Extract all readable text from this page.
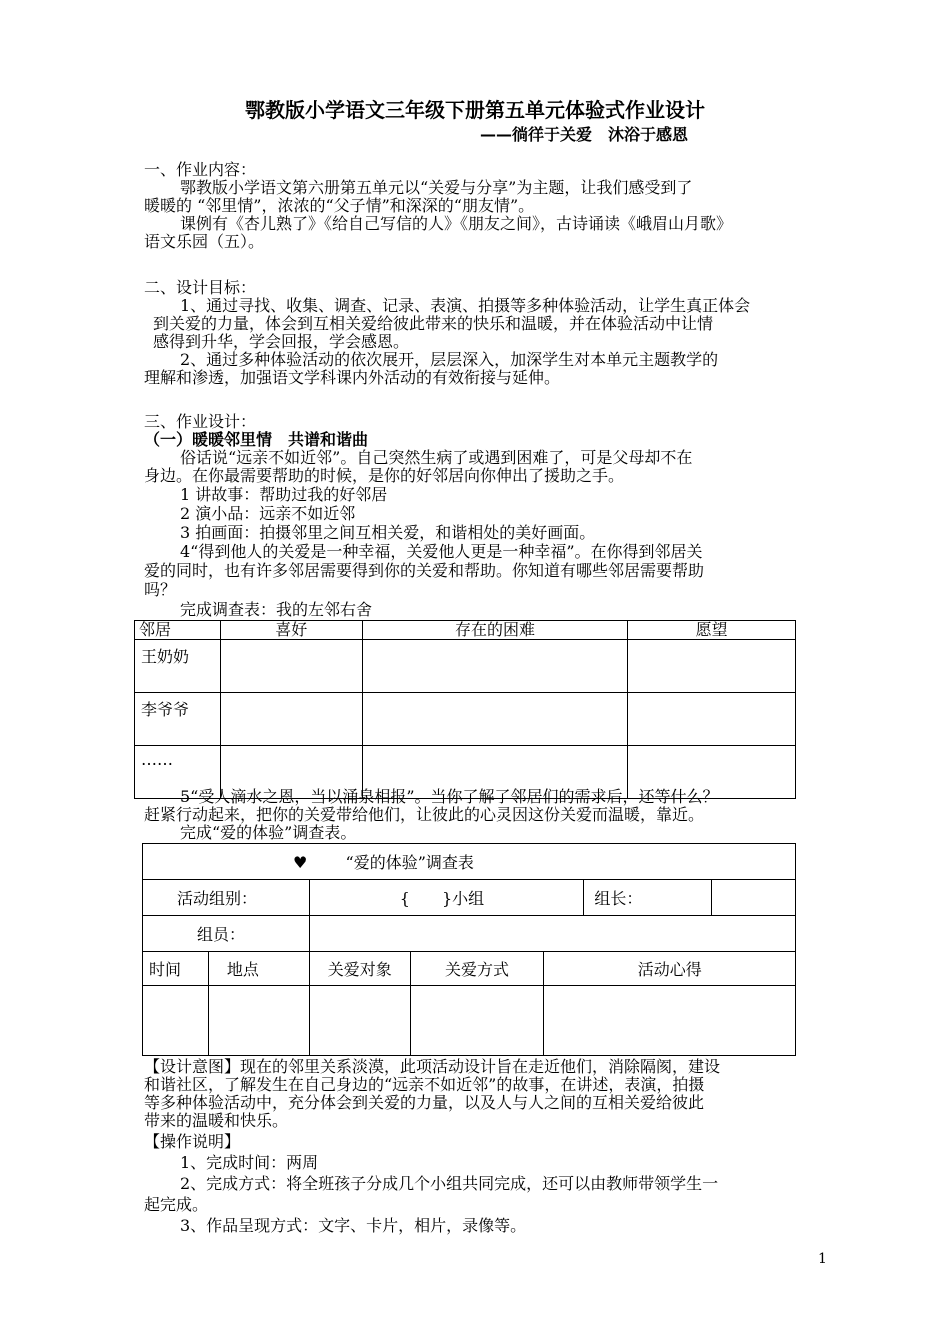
鄂教版小学语文三年级下册第五单元体验式作业设计
——徜徉于关爱　沐浴于感恩
一、作业内容：
鄂教版小学语文第六册第五单元以“关爱与分享”为主题，让我们感受到了
暖暖的 “邻里情”，浓浓的“父子情”和深深的“朋友情”。
课例有《杏儿熟了》《给自己写信的人》《朋友之间》，古诗诵读《峨眉山月歌》
语文乐园（五）。
二、设计目标：
1、通过寻找、收集、调查、记录、表演、拍摄等多种体验活动，让学生真正体会
到关爱的力量，体会到互相关爱给彼此带来的快乐和温暖，并在体验活动中让情
感得到升华，学会回报，学会感恩。
2、通过多种体验活动的依次展开，层层深入，加深学生对本单元主题教学的
理解和渗透，加强语文学科课内外活动的有效衔接与延伸。
三、作业设计：
（一）暖暖邻里情　共谱和谐曲
俗话说“远亲不如近邻”。自己突然生病了或遇到困难了，可是父母却不在
身边。在你最需要帮助的时候，是你的好邻居向你伸出了援助之手。
1 讲故事：帮助过我的好邻居
2 演小品：远亲不如近邻
3 拍画面：拍摄邻里之间互相关爱，和谐相处的美好画面。
4“得到他人的关爱是一种幸福，关爱他人更是一种幸福”。在你得到邻居关
爱的同时，也有许多邻居需要得到你的关爱和帮助。你知道有哪些邻居需要帮助
吗？
完成调查表：我的左邻右舍
邻居	喜好	存在的困难	愿望
王奶奶			
李爷爷			
……			
5“受人滴水之恩，当以涌泉相报”。当你了解了邻居们的需求后，还等什么？
赶紧行动起来，把你的关爱带给他们，让彼此的心灵因这份关爱而温暖，靠近。
完成“爱的体验”调查表。
♥ “爱的体验”调查表						
活动组别：		{　　}小组			组长：	
组员：						
时间	地点	关爱对象	关爱方式	活动心得		

【设计意图】现在的邻里关系淡漠，此项活动设计旨在走近他们，消除隔阂，建设
和谐社区，了解发生在自己身边的“远亲不如近邻”的故事，在讲述，表演，拍摄
等多种体验活动中，充分体会到关爱的力量，以及人与人之间的互相关爱给彼此
带来的温暖和快乐。
【操作说明】
1、完成时间：两周
2、完成方式：将全班孩子分成几个小组共同完成，还可以由教师带领学生一
起完成。
3、作品呈现方式：文字、卡片，相片，录像等。
1
